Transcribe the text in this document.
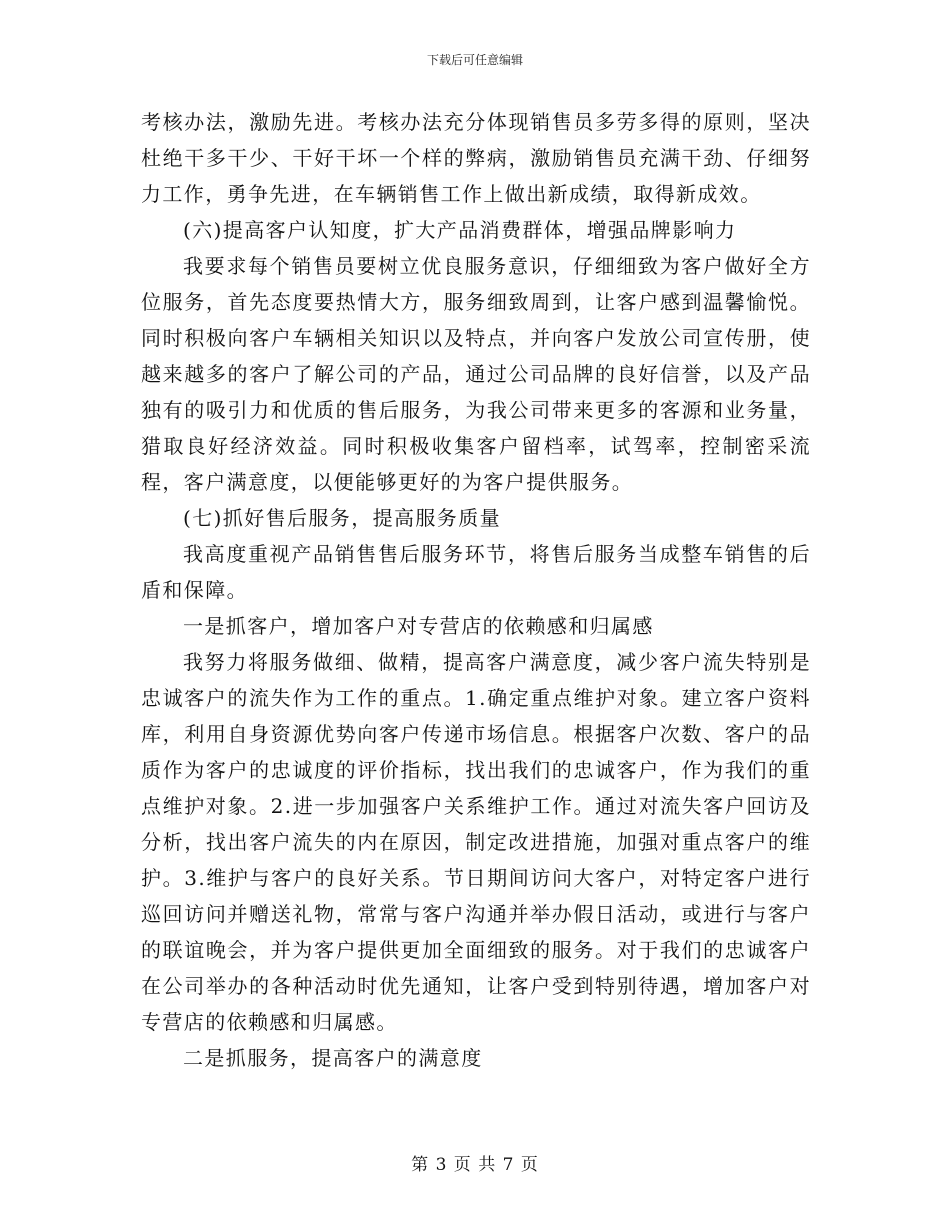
下载后可任意编辑

考核办法，激励先进。考核办法充分体现销售员多劳多得的原则，坚决杜绝干多干少、干好干坏一个样的弊病，激励销售员充满干劲、仔细努力工作，勇争先进，在车辆销售工作上做出新成绩，取得新成效。

(六)提高客户认知度，扩大产品消费群体，增强品牌影响力

我要求每个销售员要树立优良服务意识，仔细细致为客户做好全方位服务，首先态度要热情大方，服务细致周到，让客户感到温馨愉悦。同时积极向客户车辆相关知识以及特点，并向客户发放公司宣传册，使越来越多的客户了解公司的产品，通过公司品牌的良好信誉，以及产品独有的吸引力和优质的售后服务，为我公司带来更多的客源和业务量，猎取良好经济效益。同时积极收集客户留档率，试驾率，控制密采流程，客户满意度，以便能够更好的为客户提供服务。

(七)抓好售后服务，提高服务质量

我高度重视产品销售售后服务环节，将售后服务当成整车销售的后盾和保障。

一是抓客户，增加客户对专营店的依赖感和归属感

我努力将服务做细、做精，提高客户满意度，减少客户流失特别是忠诚客户的流失作为工作的重点。1.确定重点维护对象。建立客户资料库，利用自身资源优势向客户传递市场信息。根据客户次数、客户的品质作为客户的忠诚度的评价指标，找出我们的忠诚客户，作为我们的重点维护对象。2.进一步加强客户关系维护工作。通过对流失客户回访及分析，找出客户流失的内在原因，制定改进措施，加强对重点客户的维护。3.维护与客户的良好关系。节日期间访问大客户，对特定客户进行巡回访问并赠送礼物，常常与客户沟通并举办假日活动，或进行与客户的联谊晚会，并为客户提供更加全面细致的服务。对于我们的忠诚客户在公司举办的各种活动时优先通知，让客户受到特别待遇，增加客户对专营店的依赖感和归属感。

二是抓服务，提高客户的满意度

第 3 页 共 7 页
